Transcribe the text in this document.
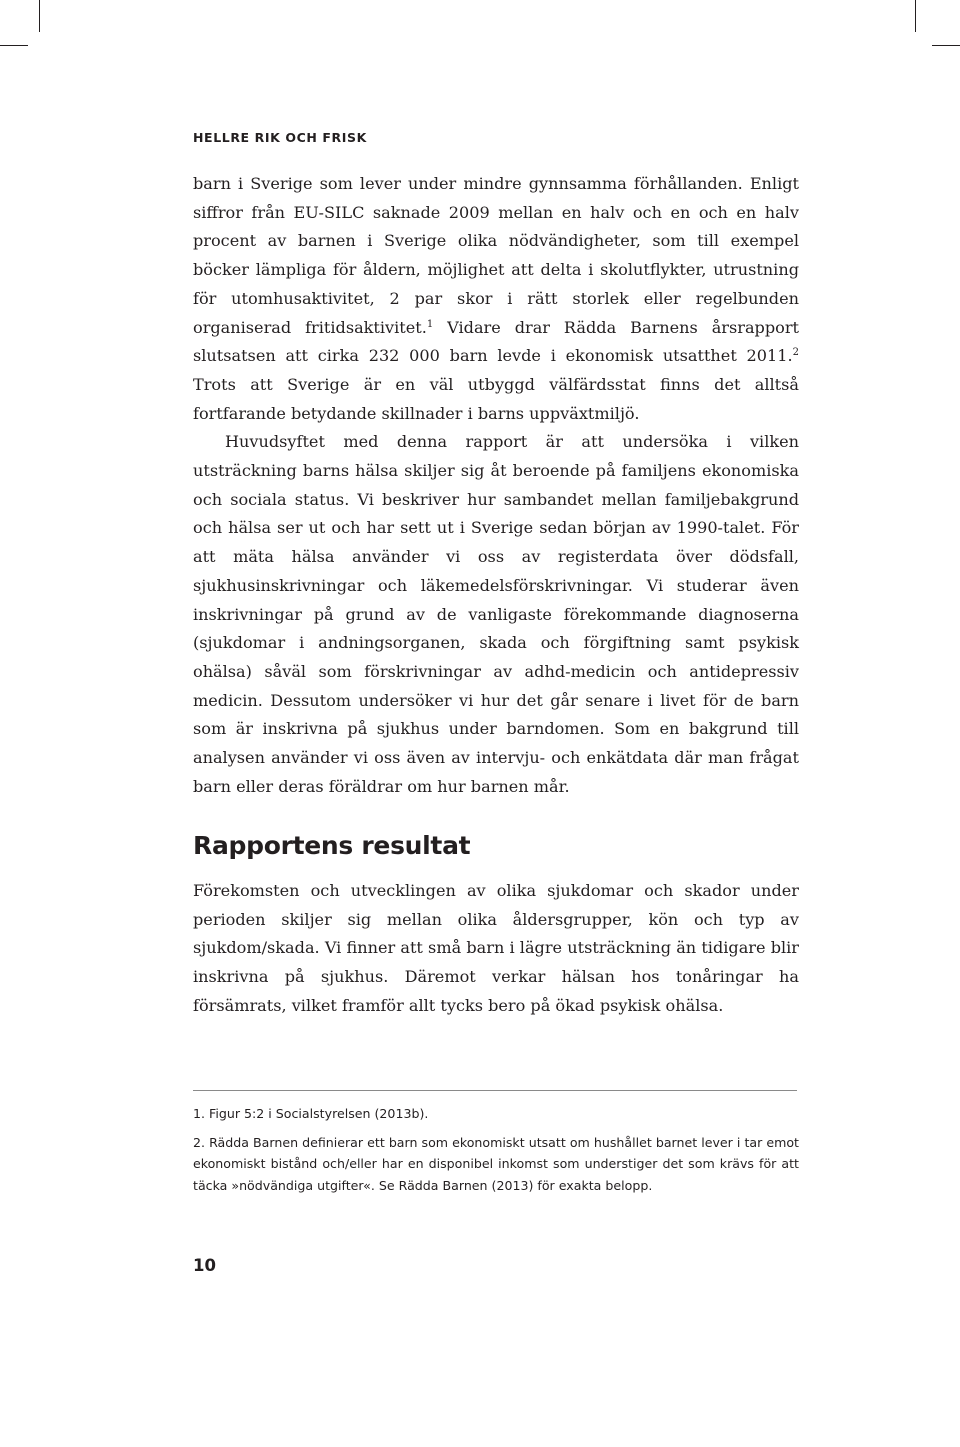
HELLRE RIK OCH FRISK

barn i Sverige som lever under mindre gynnsamma förhållanden. Enligt siffror från EU-SILC saknade 2009 mellan en halv och en och en halv procent av barnen i Sverige olika nödvändigheter, som till exempel böcker lämpliga för åldern, möjlighet att delta i skolutflykter, utrustning för utomhusaktivitet, 2 par skor i rätt storlek eller regelbunden organiserad fritidsaktivitet.$^1$ Vidare drar Rädda Barnens årsrapport slutsatsen att cirka 232 000 barn levde i ekonomisk utsatthet 2011.$^2$ Trots att Sverige är en väl utbyggd välfärdsstat finns det alltså fortfarande betydande skillnader i barns uppväxtmiljö.

Huvudsyftet med denna rapport är att undersöka i vilken utsträckning barns hälsa skiljer sig åt beroende på familjens ekonomiska och sociala status. Vi beskriver hur sambandet mellan familjebakgrund och hälsa ser ut och har sett ut i Sverige sedan början av 1990-talet. För att mäta hälsa använder vi oss av registerdata över dödsfall, sjukhusinskrivningar och läkemedelsförskrivningar. Vi studerar även inskrivningar på grund av de vanligaste förekommande diagnoserna (sjukdomar i andningsorganen, skada och förgiftning samt psykisk ohälsa) såväl som förskrivningar av adhd-medicin och antidepressiv medicin. Dessutom undersöker vi hur det går senare i livet för de barn som är inskrivna på sjukhus under barndomen. Som en bakgrund till analysen använder vi oss även av intervju- och enkätdata där man frågat barn eller deras föräldrar om hur barnen mår.

Rapportens resultat

Förekomsten och utvecklingen av olika sjukdomar och skador under perioden skiljer sig mellan olika åldersgrupper, kön och typ av sjukdom/skada. Vi finner att små barn i lägre utsträckning än tidigare blir inskrivna på sjukhus. Däremot verkar hälsan hos tonåringar ha försämrats, vilket framför allt tycks bero på ökad psykisk ohälsa.

1. Figur 5:2 i Socialstyrelsen (2013b).

2. Rädda Barnen definierar ett barn som ekonomiskt utsatt om hushållet barnet lever i tar emot ekonomiskt bistånd och/eller har en disponibel inkomst som understiger det som krävs för att täcka »nödvändiga utgifter«. Se Rädda Barnen (2013) för exakta belopp.

10
